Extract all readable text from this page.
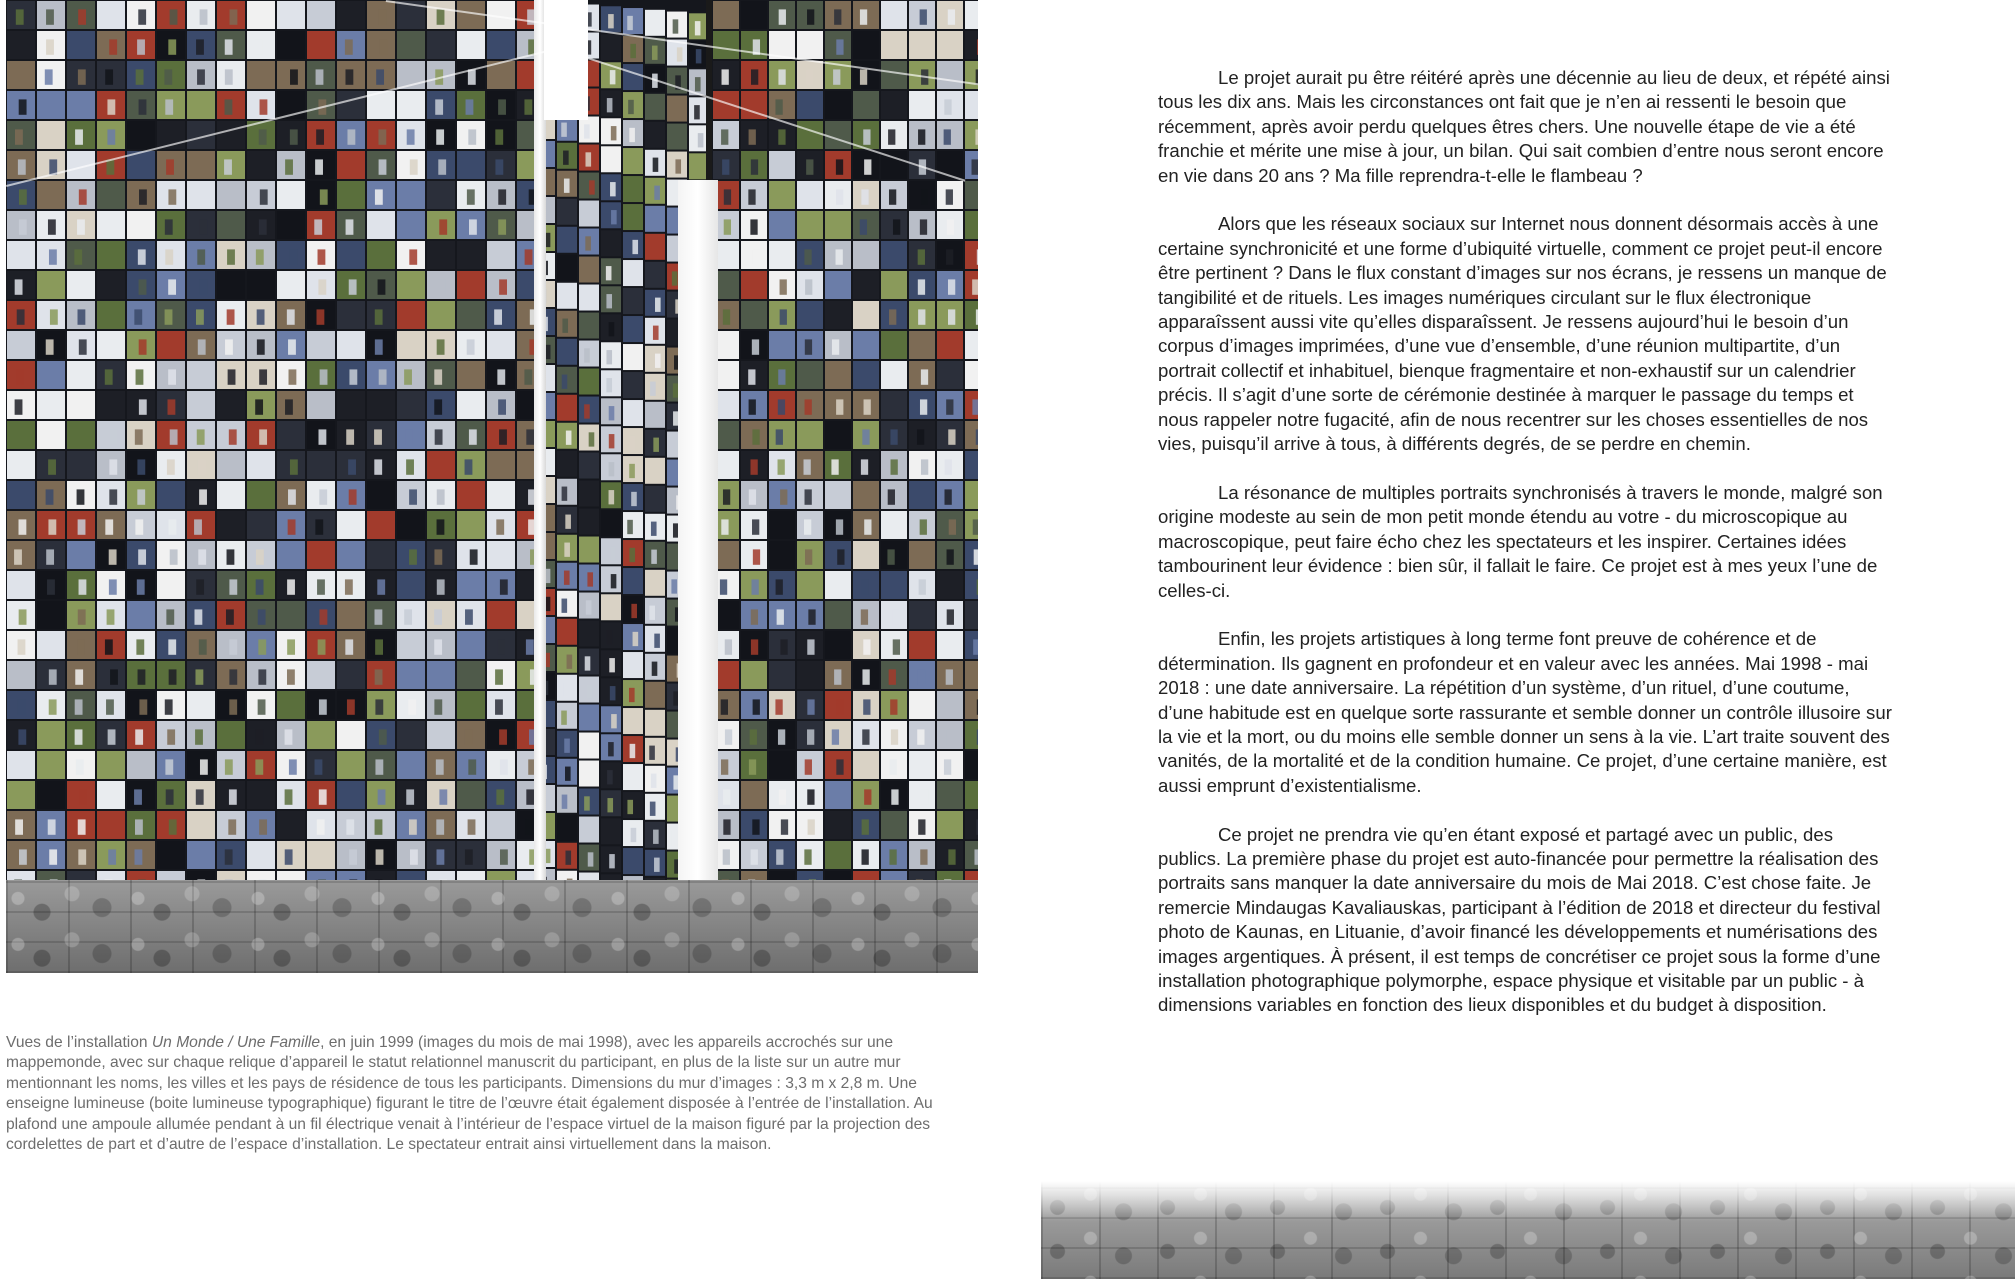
Vues de l’installation Un Monde / Une Famille, en juin 1999 (images du mois de mai 1998), avec les appareils accrochés sur une mappemonde, avec sur chaque relique d’appareil le statut relationnel manuscrit du participant, en plus de la liste sur un autre mur mentionnant les noms, les villes et les pays de résidence de tous les participants. Dimensions du mur d’images : 3,3 m x 2,8 m. Une enseigne lumineuse (boite lumineuse typographique) figurant le titre de l’œuvre était également disposée à l’entrée de l’installation. Au plafond une ampoule allumée pendant à un fil électrique venait à l’intérieur de l’espace virtuel de la maison figuré par la projection des cordelettes de part et d’autre de l’espace d’installation. Le spectateur entrait ainsi virtuellement dans la maison.

Le projet aurait pu être réitéré après une décennie au lieu de deux, et répété ainsi tous les dix ans. Mais les circonstances ont fait que je n’en ai ressenti le besoin que récemment, après avoir perdu quelques êtres chers. Une nouvelle étape de vie a été franchie et mérite une mise à jour, un bilan. Qui sait combien d’entre nous seront encore en vie dans 20 ans ? Ma fille reprendra-t-elle le flambeau ?

Alors que les réseaux sociaux sur Internet nous donnent désormais accès à une certaine synchronicité et une forme d’ubiquité virtuelle, comment ce projet peut-il encore être pertinent ? Dans le flux constant d’images sur nos écrans, je ressens un manque de tangibilité et de rituels. Les images numériques circulant sur le flux électronique apparaîssent aussi vite qu’elles disparaîssent. Je ressens aujourd’hui le besoin d’un corpus d’images imprimées, d’une vue d’ensemble, d’une réunion multipartite, d’un portrait collectif et inhabituel, bienque fragmentaire et non-exhaustif sur un calendrier précis. Il s’agit d’une sorte de cérémonie destinée à marquer le passage du temps et nous rappeler notre fugacité, afin de nous recentrer sur les choses essentielles de nos vies, puisqu’il arrive à tous, à différents degrés, de se perdre en chemin.

La résonance de multiples portraits synchronisés à travers le monde, malgré son origine modeste au sein de mon petit monde étendu au votre - du microscopique au macroscopique, peut faire écho chez les spectateurs et les inspirer. Certaines idées tambourinent leur évidence : bien sûr, il fallait le faire. Ce projet est à mes yeux l’une de celles-ci.

Enfin, les projets artistiques à long terme font preuve de cohérence et de détermination. Ils gagnent en profondeur et en valeur avec les années. Mai 1998 - mai 2018 : une date anniversaire. La répétition d’un système, d’un rituel, d’une coutume, d’une habitude est en quelque sorte rassurante et semble donner un contrôle illusoire sur la vie et la mort, ou du moins elle semble donner un sens à la vie. L’art traite souvent des vanités, de la mortalité et de la condition humaine. Ce projet, d’une certaine manière, est aussi emprunt d’existentialisme.

Ce projet ne prendra vie qu’en étant exposé et partagé avec un public, des publics. La première phase du projet est auto-financée pour permettre la réalisation des portraits sans manquer la date anniversaire du mois de Mai 2018. C’est chose faite. Je remercie Mindaugas Kavaliauskas, participant à l’édition de 2018 et directeur du festival photo de Kaunas, en Lituanie, d’avoir financé les développements et numérisations des images argentiques. À présent, il est temps de concrétiser ce projet sous la forme d’une installation photographique polymorphe, espace physique et visitable par un public - à dimensions variables en fonction des lieux disponibles et du budget à disposition.
